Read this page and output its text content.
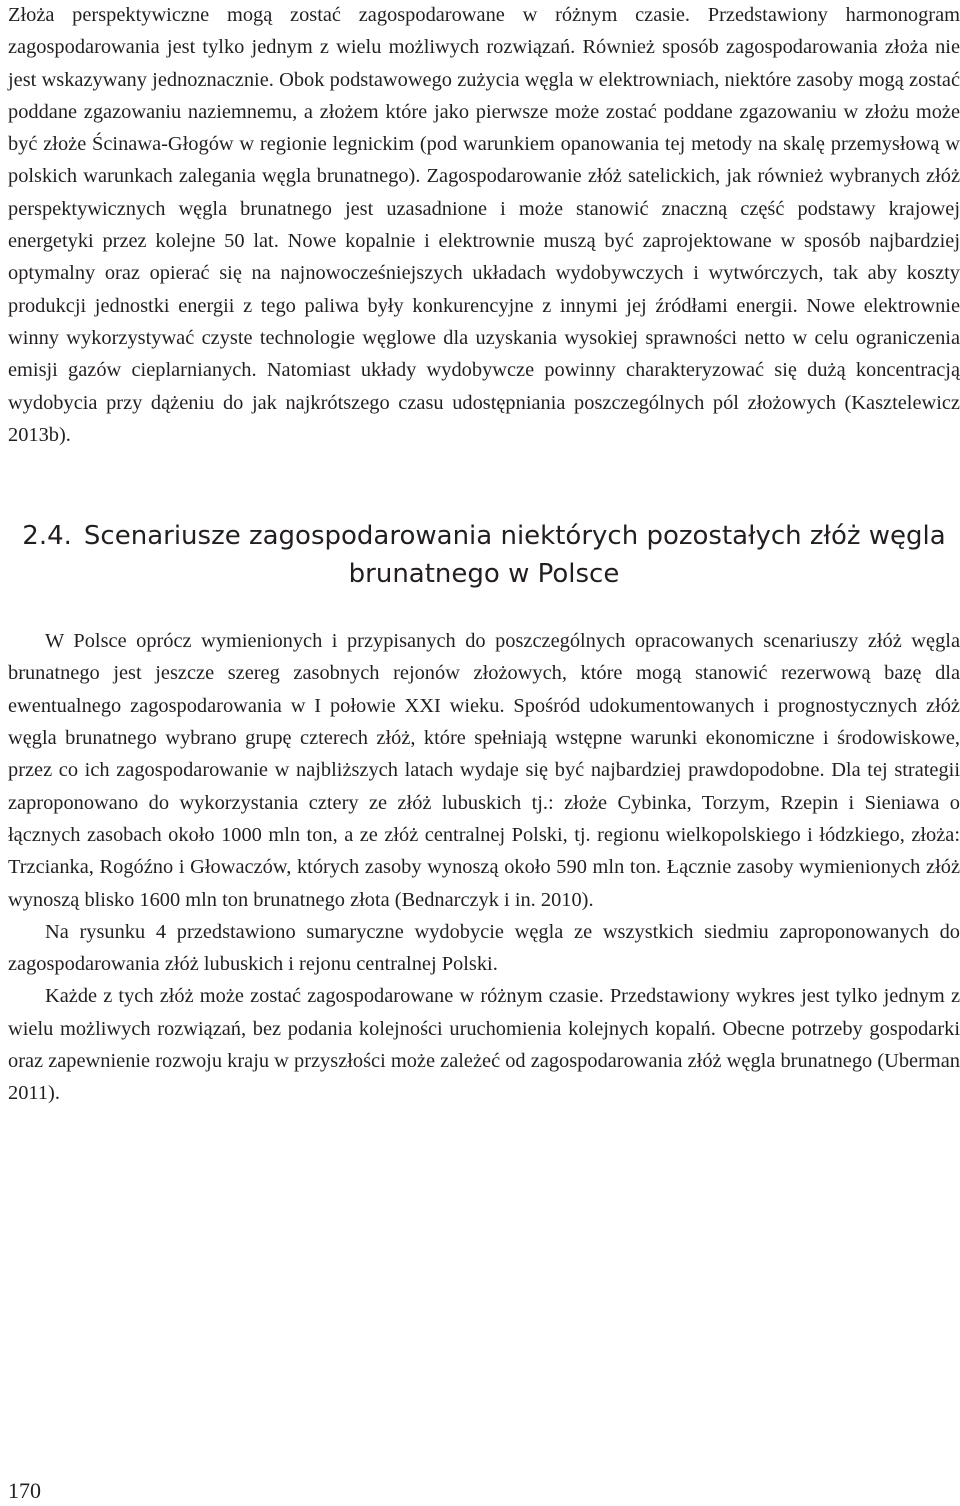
Złoża perspektywiczne mogą zostać zagospodarowane w różnym czasie. Przedstawiony harmonogram zagospodarowania jest tylko jednym z wielu możliwych rozwiązań. Również sposób zagospodarowania złoża nie jest wskazywany jednoznacznie. Obok podstawowego zużycia węgla w elektrowniach, niektóre zasoby mogą zostać poddane zgazowaniu naziemnemu, a złożem które jako pierwsze może zostać poddane zgazowaniu w złożu może być złoże Ścinawa-Głogów w regionie legnickim (pod warunkiem opanowania tej metody na skalę przemysłową w polskich warunkach zalegania węgla brunatnego). Zagospodarowanie złóż satelickich, jak również wybranych złóż perspektywicznych węgla brunatnego jest uzasadnione i może stanowić znaczną część podstawy krajowej energetyki przez kolejne 50 lat. Nowe kopalnie i elektrownie muszą być zaprojektowane w sposób najbardziej optymalny oraz opierać się na najnowocześniejszych układach wydobywczych i wytwórczych, tak aby koszty produkcji jednostki energii z tego paliwa były konkurencyjne z innymi jej źródłami energii. Nowe elektrownie winny wykorzystywać czyste technologie węglowe dla uzyskania wysokiej sprawności netto w celu ograniczenia emisji gazów cieplarnianych. Natomiast układy wydobywcze powinny charakteryzować się dużą koncentracją wydobycia przy dążeniu do jak najkrótszego czasu udostępniania poszczególnych pól złożowych (Kasztelewicz 2013b).

2.4. Scenariusze zagospodarowania niektórych pozostałych złóż węgla
brunatnego w Polsce

W Polsce oprócz wymienionych i przypisanych do poszczególnych opracowanych scenariuszy złóż węgla brunatnego jest jeszcze szereg zasobnych rejonów złożowych, które mogą stanowić rezerwową bazę dla ewentualnego zagospodarowania w I połowie XXI wieku. Spośród udokumentowanych i prognostycznych złóż węgla brunatnego wybrano grupę czterech złóż, które spełniają wstępne warunki ekonomiczne i środowiskowe, przez co ich zagospodarowanie w najbliższych latach wydaje się być najbardziej prawdopodobne. Dla tej strategii zaproponowano do wykorzystania cztery ze złóż lubuskich tj.: złoże Cybinka, Torzym, Rzepin i Sieniawa o łącznych zasobach około 1000 mln ton, a ze złóż centralnej Polski, tj. regionu wielkopolskiego i łódzkiego, złoża: Trzcianka, Rogóźno i Głowaczów, których zasoby wynoszą około 590 mln ton. Łącznie zasoby wymienionych złóż wynoszą blisko 1600 mln ton brunatnego złota (Bednarczyk i in. 2010).

Na rysunku 4 przedstawiono sumaryczne wydobycie węgla ze wszystkich siedmiu zaproponowanych do zagospodarowania złóż lubuskich i rejonu centralnej Polski.

Każde z tych złóż może zostać zagospodarowane w różnym czasie. Przedstawiony wykres jest tylko jednym z wielu możliwych rozwiązań, bez podania kolejności uruchomienia kolejnych kopalń. Obecne potrzeby gospodarki oraz zapewnienie rozwoju kraju w przyszłości może zależeć od zagospodarowania złóż węgla brunatnego (Uberman 2011).

170
